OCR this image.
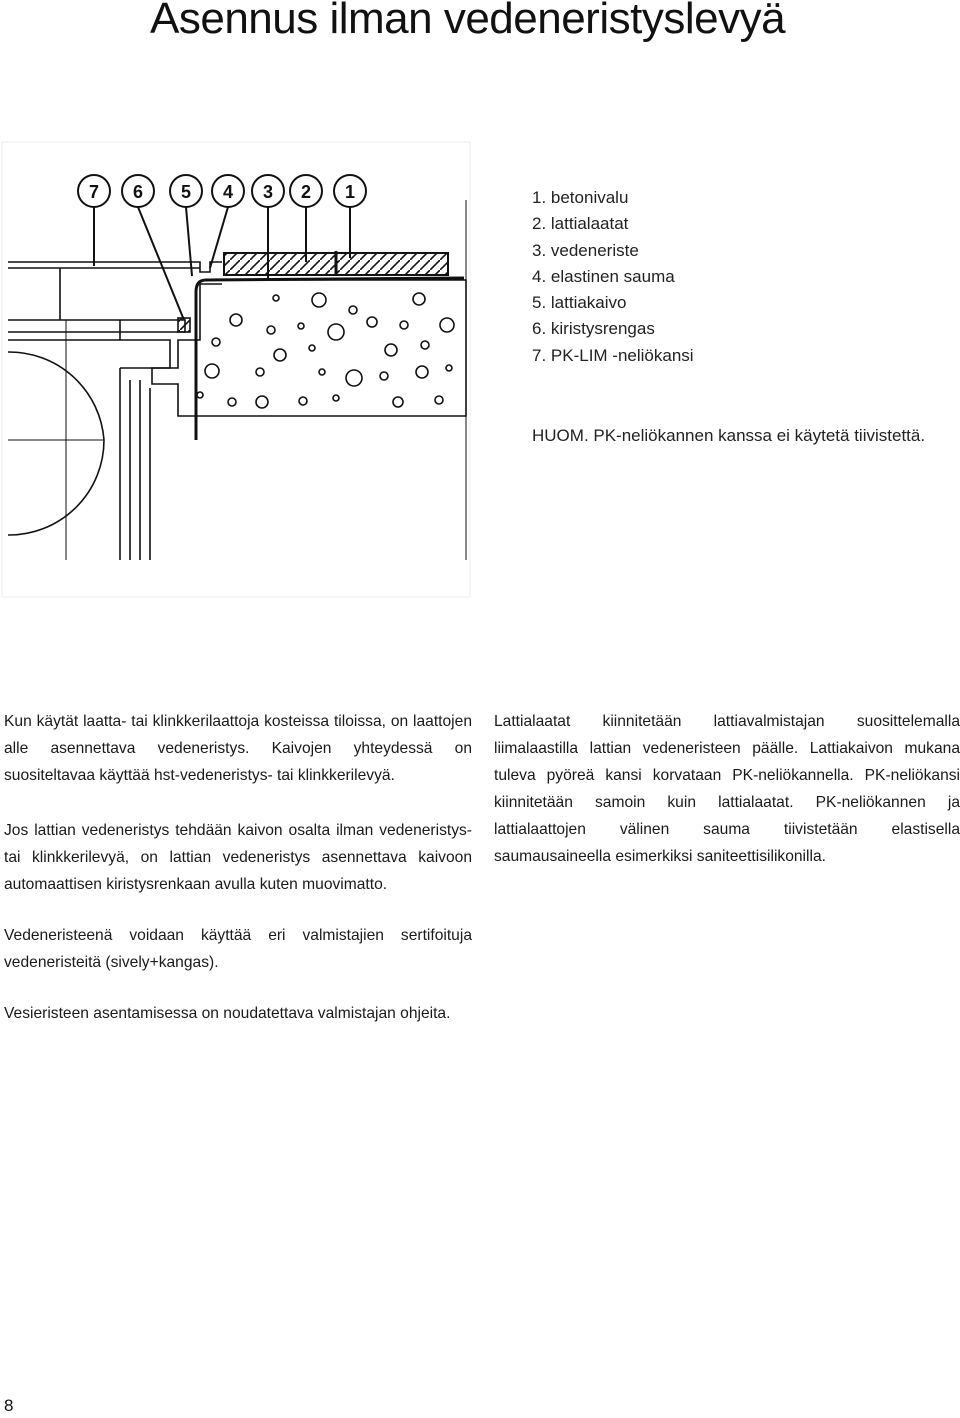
Asennus ilman vedeneristyslevyä
7 6 5 4 3 2 1	1. betonivalu
2. lattialaatat
3. vedeneriste
4. elastinen sauma
5. lattiakaivo
6. kiristysrengas
7. PK-LIM -neliökansi

HUOM. PK-neliökannen kanssa ei käytetä tiivistettä.

Kun käytät laatta- tai klinkkerilaattoja kosteissa tiloissa, on laattojen alle asennettava vedeneristys. Kaivojen yhteydessä on suositeltavaa käyttää hst-vedeneristys- tai klinkkerilevyä.

Jos lattian vedeneristys tehdään kaivon osalta ilman vedeneristys- tai klinkkerilevyä, on lattian vedeneristys asennettava kaivoon automaattisen kiristysrenkaan avulla kuten muovimatto.

Lattialaatat kiinnitetään lattiavalmistajan suosittelemalla liimalaastilla lattian vedeneristeen päälle. Lattiakaivon mukana tuleva pyöreä kansi korvataan PK-neliökannella. PK-neliökansi kiinnitetään samoin kuin lattialaatat. PK-neliökannen ja lattialaattojen välinen sauma tiivistetään elastisella saumausaineella esimerkiksi saniteettisilikonilla.

Vedeneristeenä voidaan käyttää eri valmistajien sertifoituja vedeneristeitä (sively+kangas).

Vesieristeen asentamisessa on noudatettava valmistajan ohjeita.

8
